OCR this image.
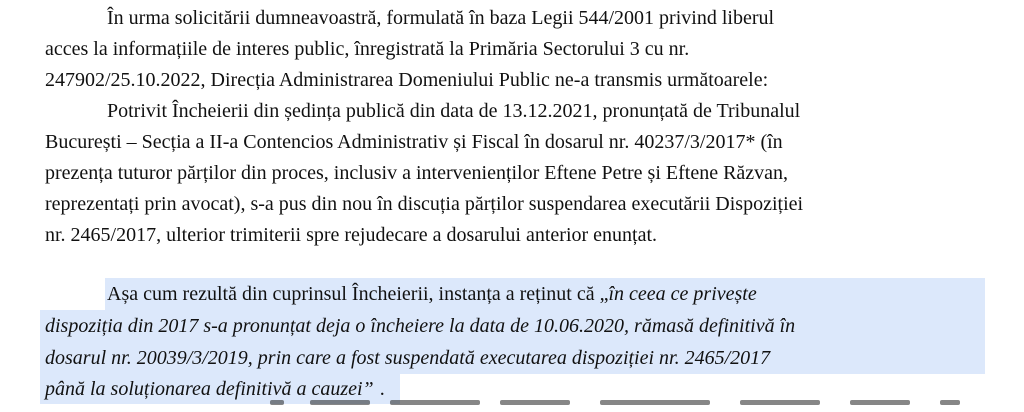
În urma solicitării dumneavoastră, formulată în baza Legii 544/2001 privind liberul
acces la informațiile de interes public, înregistrată la Primăria Sectorului 3 cu nr.
247902/25.10.2022, Direcția Administrarea Domeniului Public ne-a transmis următoarele:
Potrivit Încheierii din ședința publică din data de 13.12.2021, pronunțată de Tribunalul
București – Secția a II-a Contencios Administrativ și Fiscal în dosarul nr. 40237/3/2017* (în
prezența tuturor părților din proces, inclusiv a intervenienților Eftene Petre și Eftene Răzvan,
reprezentați prin avocat), s-a pus din nou în discuția părților suspendarea executării Dispoziției
nr. 2465/2017, ulterior trimiterii spre rejudecare a dosarului anterior enunțat.
Așa cum rezultă din cuprinsul Încheierii, instanța a reținut că „în ceea ce privește
dispoziția din 2017 s-a pronunțat deja o încheiere la data de 10.06.2020, rămasă definitivă în
dosarul nr. 20039/3/2019, prin care a fost suspendată executarea dispoziției nr. 2465/2017
până la soluționarea definitivă a cauzei” .
